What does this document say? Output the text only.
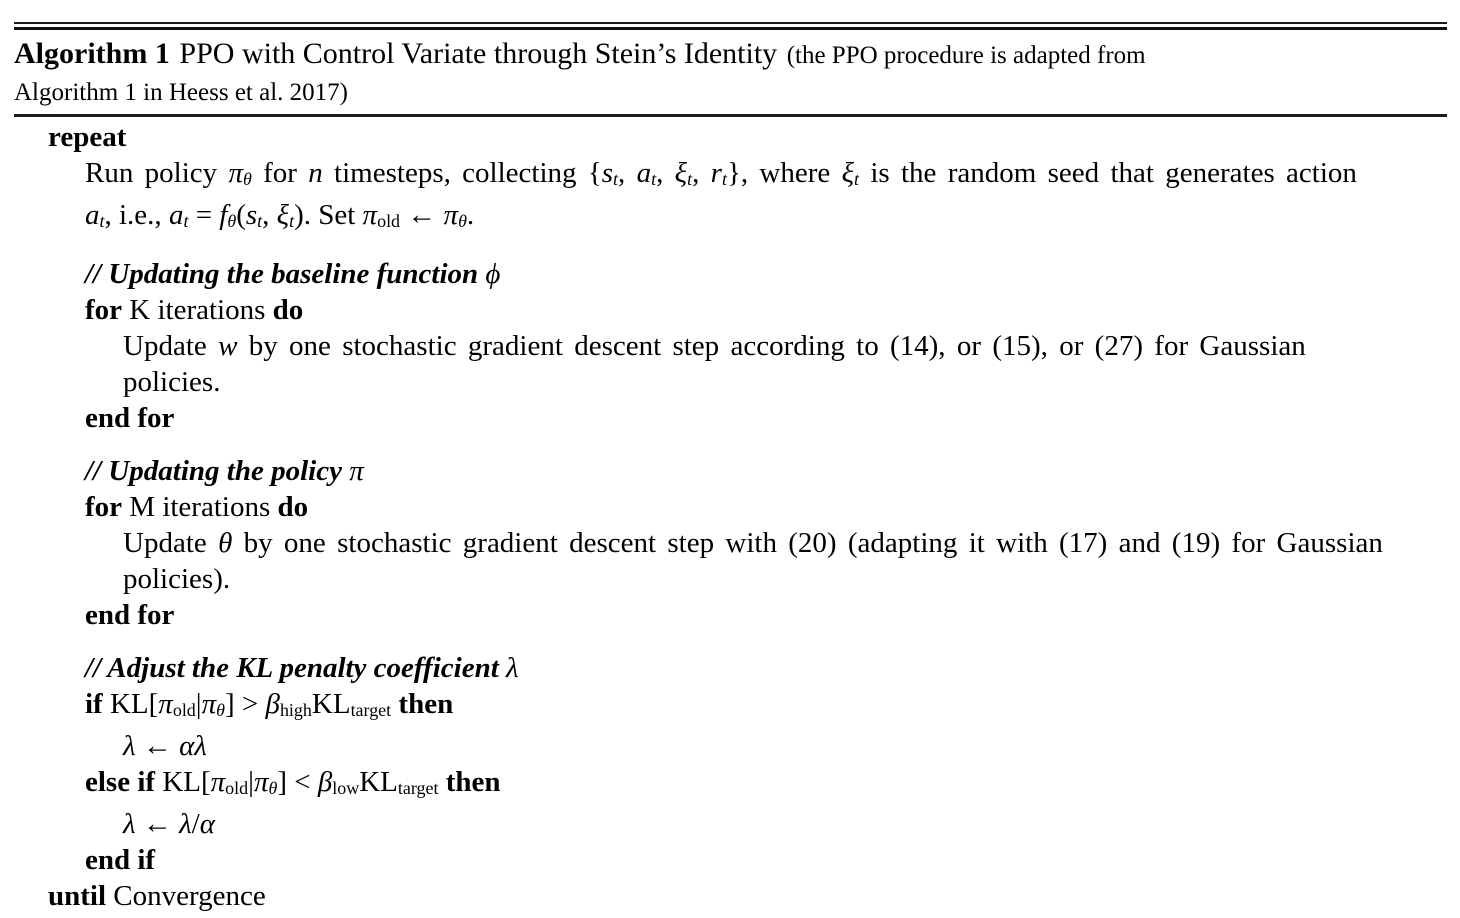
Algorithm 1 PPO with Control Variate through Stein’s Identity (the PPO procedure is adapted from
Algorithm 1 in Heess et al. 2017)
repeat
Run policy πθ for n timesteps, collecting {st, at, ξt, rt}, where ξt is the random seed that generates action
at, i.e., at = fθ(st, ξt). Set πold ← πθ.
// Updating the baseline function ϕ
for K iterations do
Update w by one stochastic gradient descent step according to (14), or (15), or (27) for Gaussian
policies.
end for
// Updating the policy π
for M iterations do
Update θ by one stochastic gradient descent step with (20) (adapting it with (17) and (19) for Gaussian
policies).
end for
// Adjust the KL penalty coefficient λ
if KL[πold|πθ] > βhighKLtarget then
λ ← αλ
else if KL[πold|πθ] < βlowKLtarget then
λ ← λ/α
end if
until Convergence
